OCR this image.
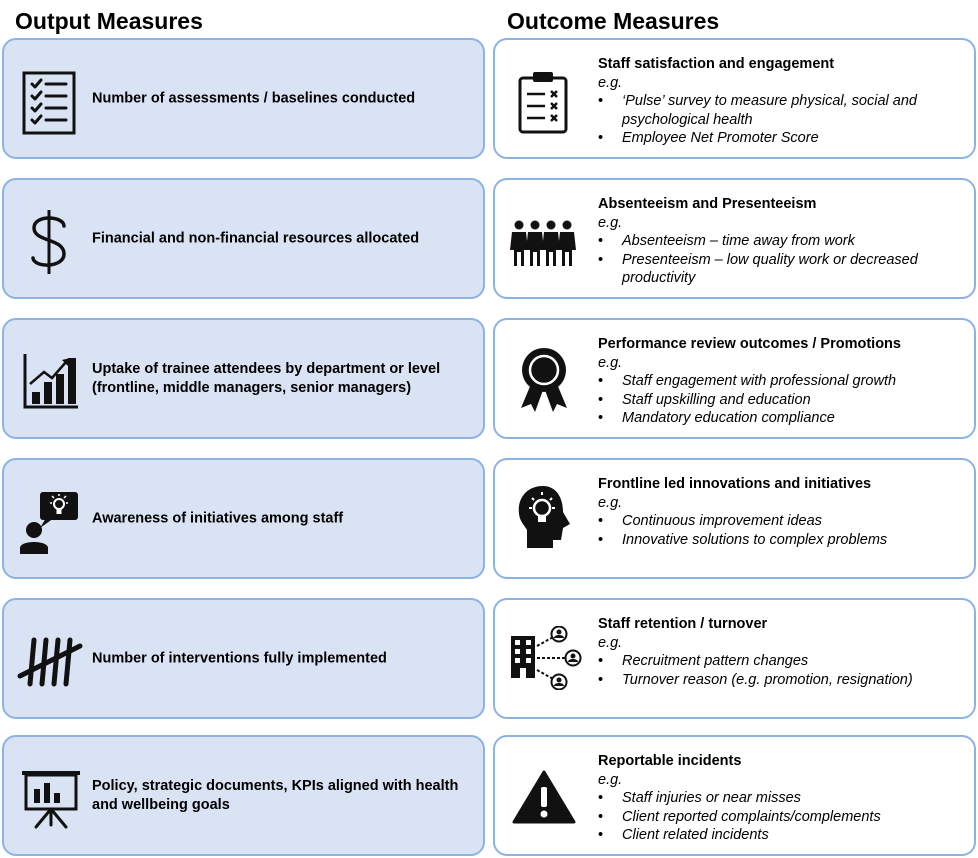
Output Measures	Outcome Measures
Number of assessments / baselines conducted
Financial and non-financial resources allocated
Uptake of trainee attendees by department or level (frontline, middle managers, senior managers)
Awareness of initiatives among staff
Number of interventions fully implemented
Policy, strategic documents, KPIs aligned with health and wellbeing goals
Staff satisfaction and engagement
e.g.
• ‘Pulse’ survey to measure physical, social and psychological health
• Employee Net Promoter Score
Absenteeism and Presenteeism
e.g.
• Absenteeism – time away from work
• Presenteeism – low quality work or decreased productivity
Performance review outcomes / Promotions
e.g.
• Staff engagement with professional growth
• Staff upskilling and education
• Mandatory education compliance
Frontline led innovations and initiatives
e.g.
• Continuous improvement ideas
• Innovative solutions to complex problems
Staff retention / turnover
e.g.
• Recruitment pattern changes
• Turnover reason (e.g. promotion, resignation)
Reportable incidents
e.g.
• Staff injuries or near misses
• Client reported complaints/complements
• Client related incidents
